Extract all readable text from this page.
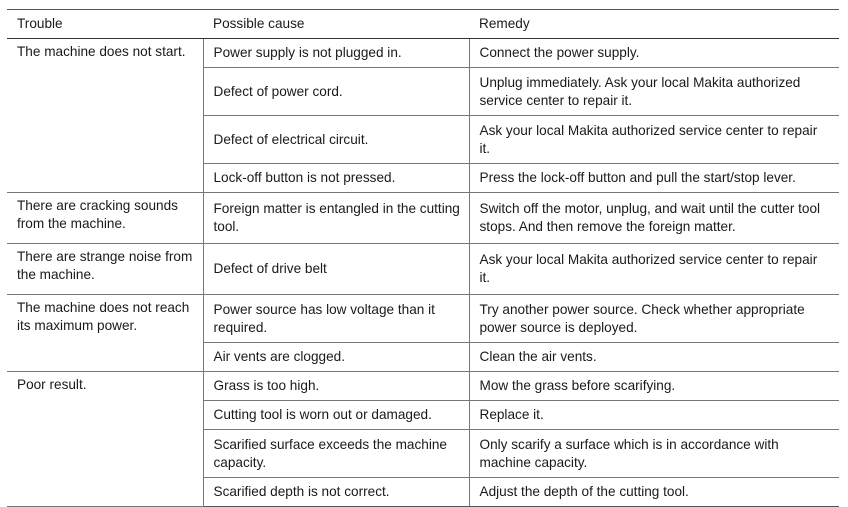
Trouble	Possible cause	Remedy
The machine does not start.	Power supply is not plugged in.	Connect the power supply.
	Defect of power cord.	Unplug immediately. Ask your local Makita authorized service center to repair it.
	Defect of electrical circuit.	Ask your local Makita authorized service center to repair it.
	Lock-off button is not pressed.	Press the lock-off button and pull the start/stop lever.
There are cracking sounds from the machine.	Foreign matter is entangled in the cutting tool.	Switch off the motor, unplug, and wait until the cutter tool stops. And then remove the foreign matter.
There are strange noise from the machine.	Defect of drive belt	Ask your local Makita authorized service center to repair it.
The machine does not reach its maximum power.	Power source has low voltage than it required.	Try another power source. Check whether appropriate power source is deployed.
	Air vents are clogged.	Clean the air vents.
Poor result.	Grass is too high.	Mow the grass before scarifying.
	Cutting tool is worn out or damaged.	Replace it.
	Scarified surface exceeds the machine capacity.	Only scarify a surface which is in accordance with machine capacity.
	Scarified depth is not correct.	Adjust the depth of the cutting tool.
